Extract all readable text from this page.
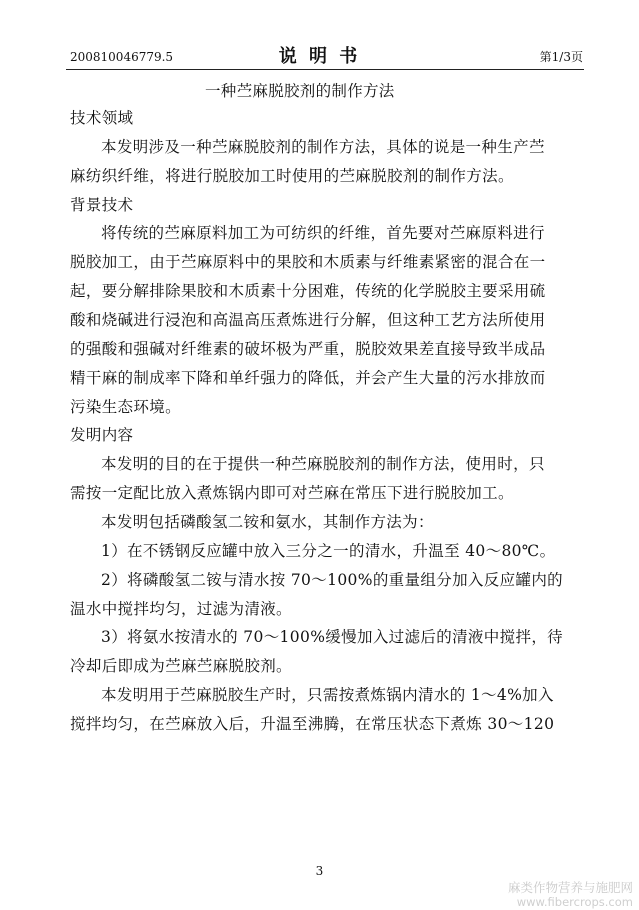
200810046779.5	说 明 书	第1/3页
一种苎麻脱胶剂的制作方法
技术领域
本发明涉及一种苎麻脱胶剂的制作方法，具体的说是一种生产苎
麻纺织纤维，将进行脱胶加工时使用的苎麻脱胶剂的制作方法。
背景技术
将传统的苎麻原料加工为可纺织的纤维，首先要对苎麻原料进行
脱胶加工，由于苎麻原料中的果胶和木质素与纤维素紧密的混合在一
起，要分解排除果胶和木质素十分困难，传统的化学脱胶主要采用硫
酸和烧碱进行浸泡和高温高压煮炼进行分解，但这种工艺方法所使用
的强酸和强碱对纤维素的破坏极为严重，脱胶效果差直接导致半成品
精干麻的制成率下降和单纤强力的降低，并会产生大量的污水排放而
污染生态环境。
发明内容
本发明的目的在于提供一种苎麻脱胶剂的制作方法，使用时，只
需按一定配比放入煮炼锅内即可对苎麻在常压下进行脱胶加工。
本发明包括磷酸氢二铵和氨水，其制作方法为：
1）在不锈钢反应罐中放入三分之一的清水，升温至 40～80℃。
2）将磷酸氢二铵与清水按 70～100%的重量组分加入反应罐内的
温水中搅拌均匀，过滤为清液。
3）将氨水按清水的 70～100%缓慢加入过滤后的清液中搅拌，待
冷却后即成为苎麻苎麻脱胶剂。
本发明用于苎麻脱胶生产时，只需按煮炼锅内清水的 1～4%加入
搅拌均匀，在苎麻放入后，升温至沸腾，在常压状态下煮炼 30～120
3
麻类作物营养与施肥网
www.fibercrops.com
